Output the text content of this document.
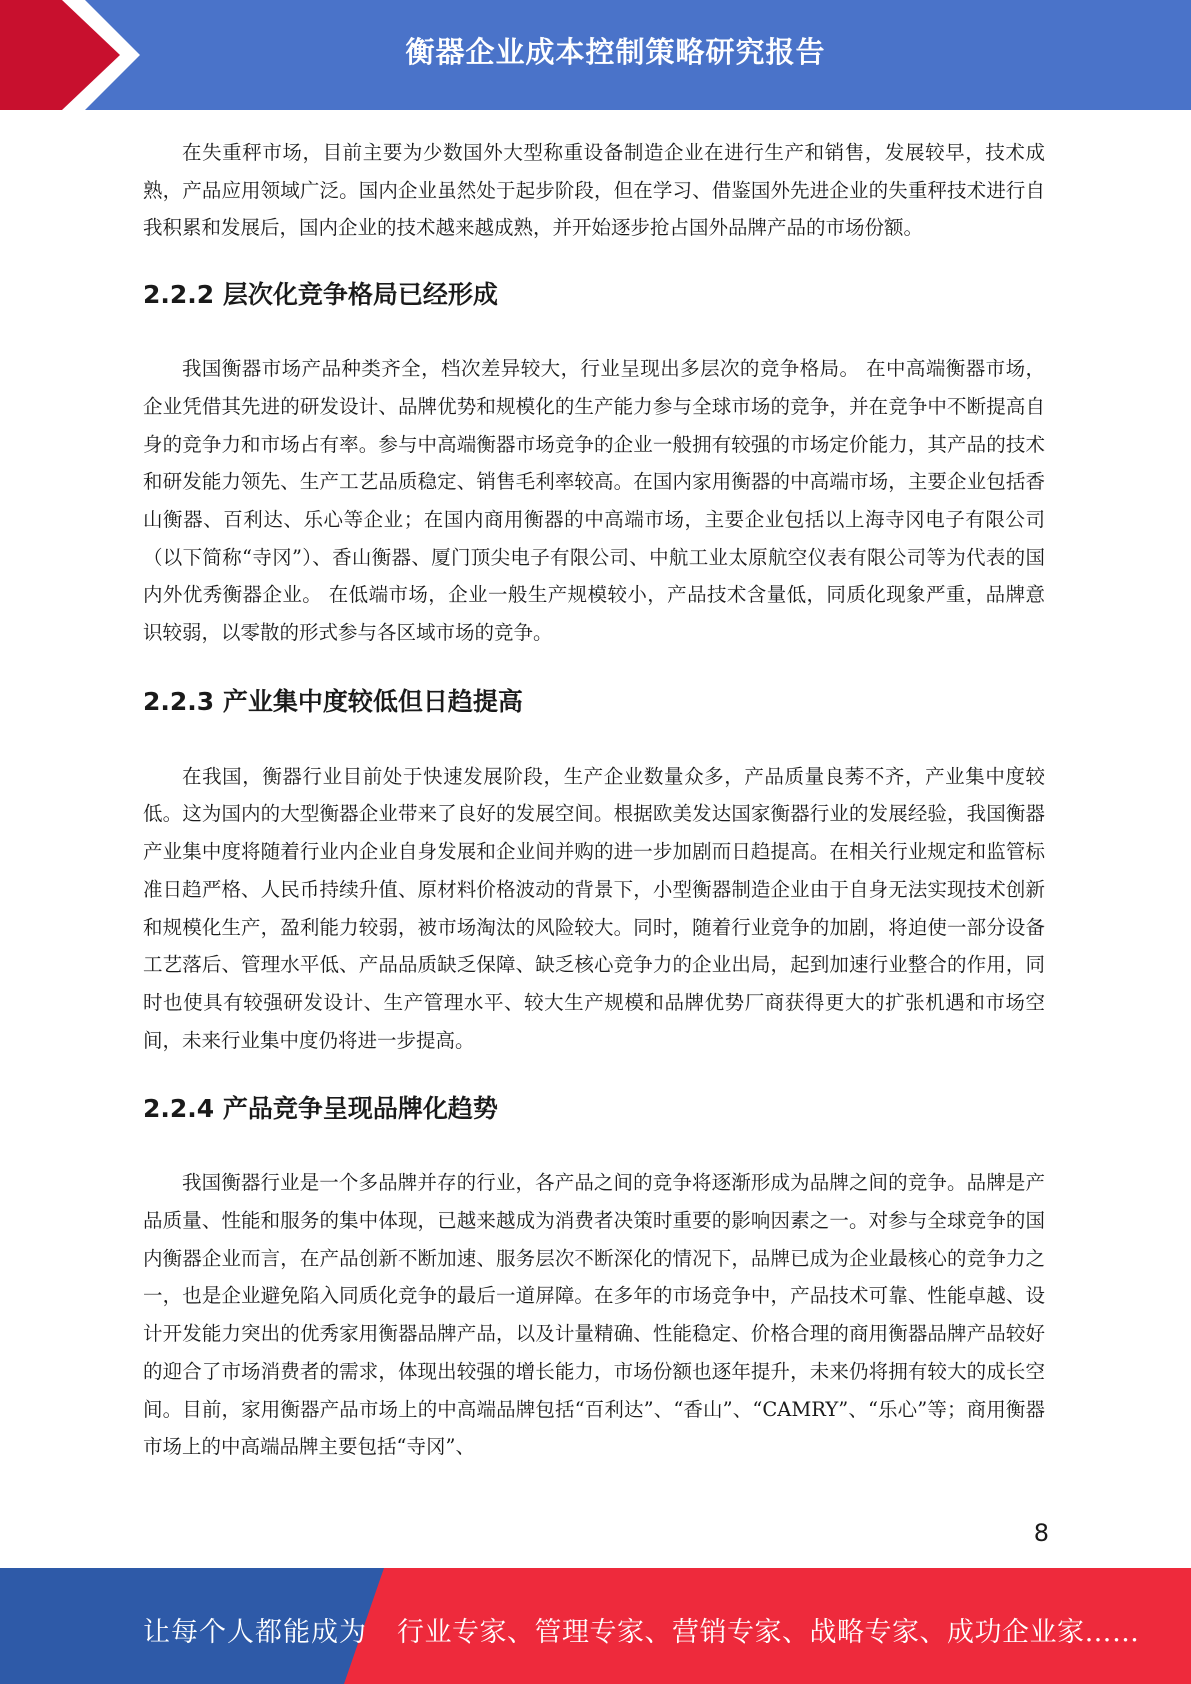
衡器企业成本控制策略研究报告

在失重秤市场，目前主要为少数国外大型称重设备制造企业在进行生产和销售，发展较早，技术成熟，产品应用领域广泛。国内企业虽然处于起步阶段，但在学习、借鉴国外先进企业的失重秤技术进行自我积累和发展后，国内企业的技术越来越成熟，并开始逐步抢占国外品牌产品的市场份额。

2.2.2 层次化竞争格局已经形成

我国衡器市场产品种类齐全，档次差异较大，行业呈现出多层次的竞争格局。 在中高端衡器市场，企业凭借其先进的研发设计、品牌优势和规模化的生产能力参与全球市场的竞争，并在竞争中不断提高自身的竞争力和市场占有率。参与中高端衡器市场竞争的企业一般拥有较强的市场定价能力，其产品的技术和研发能力领先、生产工艺品质稳定、销售毛利率较高。在国内家用衡器的中高端市场，主要企业包括香山衡器、百利达、乐心等企业；在国内商用衡器的中高端市场，主要企业包括以上海寺冈电子有限公司（以下简称“寺冈”）、香山衡器、厦门顶尖电子有限公司、中航工业太原航空仪表有限公司等为代表的国内外优秀衡器企业。 在低端市场，企业一般生产规模较小，产品技术含量低，同质化现象严重，品牌意识较弱，以零散的形式参与各区域市场的竞争。

2.2.3 产业集中度较低但日趋提高

在我国，衡器行业目前处于快速发展阶段，生产企业数量众多，产品质量良莠不齐，产业集中度较低。这为国内的大型衡器企业带来了良好的发展空间。根据欧美发达国家衡器行业的发展经验，我国衡器产业集中度将随着行业内企业自身发展和企业间并购的进一步加剧而日趋提高。在相关行业规定和监管标准日趋严格、人民币持续升值、原材料价格波动的背景下，小型衡器制造企业由于自身无法实现技术创新和规模化生产，盈利能力较弱，被市场淘汰的风险较大。同时，随着行业竞争的加剧，将迫使一部分设备工艺落后、管理水平低、产品品质缺乏保障、缺乏核心竞争力的企业出局，起到加速行业整合的作用，同时也使具有较强研发设计、生产管理水平、较大生产规模和品牌优势厂商获得更大的扩张机遇和市场空间，未来行业集中度仍将进一步提高。

2.2.4 产品竞争呈现品牌化趋势

我国衡器行业是一个多品牌并存的行业，各产品之间的竞争将逐渐形成为品牌之间的竞争。品牌是产品质量、性能和服务的集中体现，已越来越成为消费者决策时重要的影响因素之一。对参与全球竞争的国内衡器企业而言，在产品创新不断加速、服务层次不断深化的情况下，品牌已成为企业最核心的竞争力之一，也是企业避免陷入同质化竞争的最后一道屏障。在多年的市场竞争中，产品技术可靠、性能卓越、设计开发能力突出的优秀家用衡器品牌产品，以及计量精确、性能稳定、价格合理的商用衡器品牌产品较好的迎合了市场消费者的需求，体现出较强的增长能力，市场份额也逐年提升，未来仍将拥有较大的成长空间。目前，家用衡器产品市场上的中高端品牌包括“百利达”、“香山”、“CAMRY”、“乐心”等；商用衡器市场上的中高端品牌主要包括“寺冈”、

8
让每个人都能成为 行业专家、管理专家、营销专家、战略专家、成功企业家……
